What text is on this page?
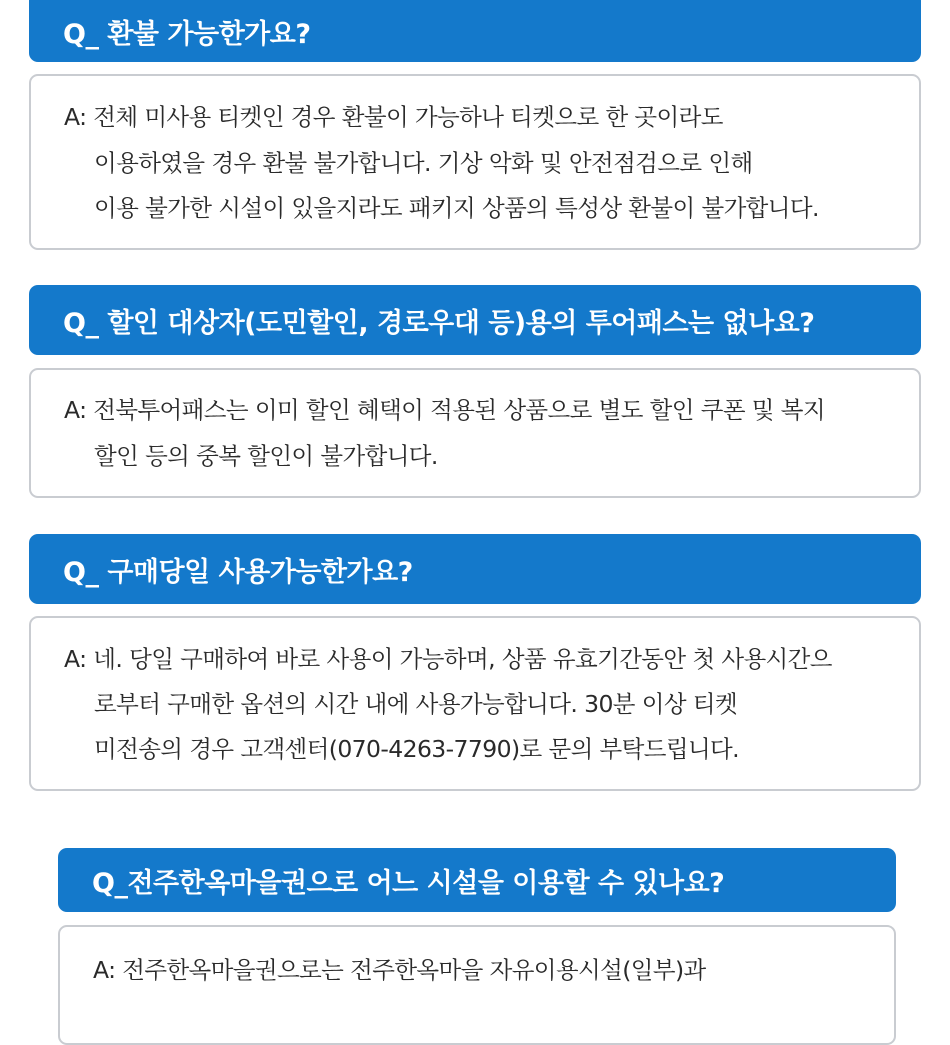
Q_ 환불 가능한가요?
A: 전체 미사용 티켓인 경우 환불이 가능하나 티켓으로 한 곳이라도
이용하였을 경우 환불 불가합니다. 기상 악화 및 안전점검으로 인해
이용 불가한 시설이 있을지라도 패키지 상품의 특성상 환불이 불가합니다.
Q_ 할인 대상자(도민할인, 경로우대 등)용의 투어패스는 없나요?
A: 전북투어패스는 이미 할인 혜택이 적용된 상품으로 별도 할인 쿠폰 및 복지
할인 등의 중복 할인이 불가합니다.
Q_ 구매당일 사용가능한가요?
A: 네. 당일 구매하여 바로 사용이 가능하며, 상품 유효기간동안 첫 사용시간으
로부터 구매한 옵션의 시간 내에 사용가능합니다. 30분 이상 티켓
미전송의 경우 고객센터(070-4263-7790)로 문의 부탁드립니다.
Q_전주한옥마을권으로 어느 시설을 이용할 수 있나요?
A: 전주한옥마을권으로는 전주한옥마을 자유이용시설(일부)과
